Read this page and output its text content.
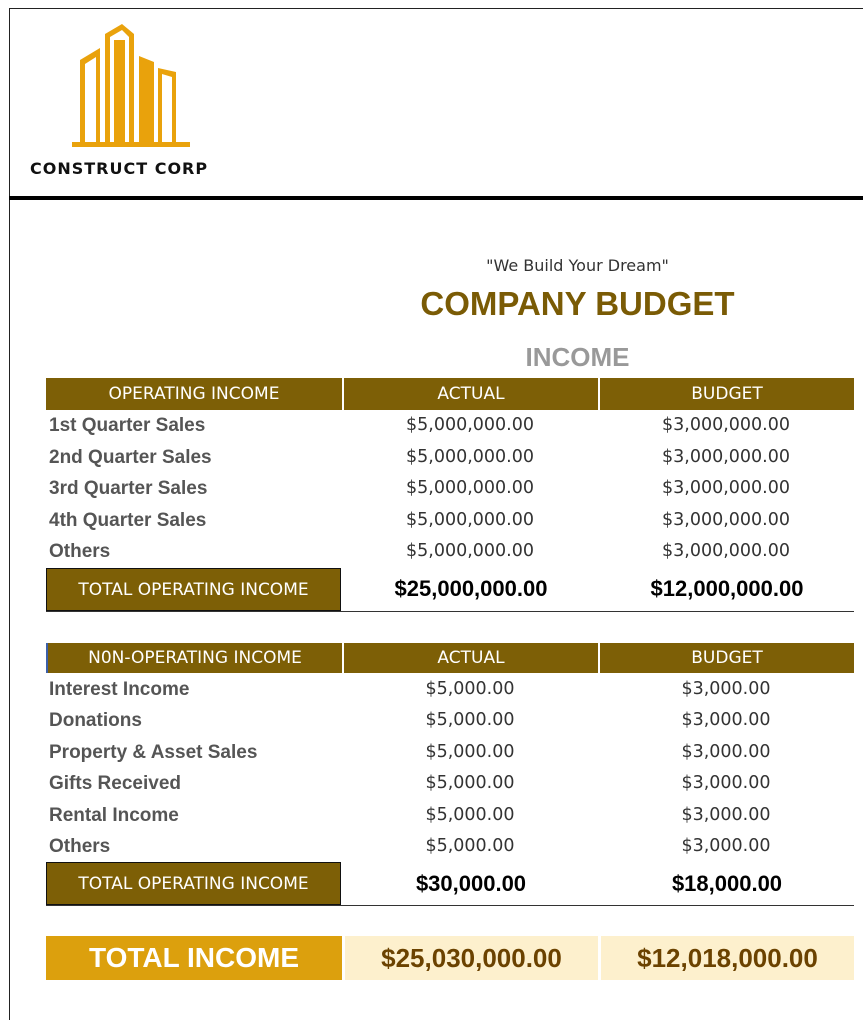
CONSTRUCT CORP
"We Build Your Dream"
COMPANY BUDGET
INCOME
OPERATING INCOME	ACTUAL	BUDGET
1st Quarter Sales	$5,000,000.00	$3,000,000.00
2nd Quarter Sales	$5,000,000.00	$3,000,000.00
3rd Quarter Sales	$5,000,000.00	$3,000,000.00
4th Quarter Sales	$5,000,000.00	$3,000,000.00
Others	$5,000,000.00	$3,000,000.00
TOTAL OPERATING INCOME	$25,000,000.00	$12,000,000.00
N0N-OPERATING INCOME	ACTUAL	BUDGET
Interest Income	$5,000.00	$3,000.00
Donations	$5,000.00	$3,000.00
Property & Asset Sales	$5,000.00	$3,000.00
Gifts Received	$5,000.00	$3,000.00
Rental Income	$5,000.00	$3,000.00
Others	$5,000.00	$3,000.00
TOTAL OPERATING INCOME	$30,000.00	$18,000.00
TOTAL INCOME	$25,030,000.00	$12,018,000.00
